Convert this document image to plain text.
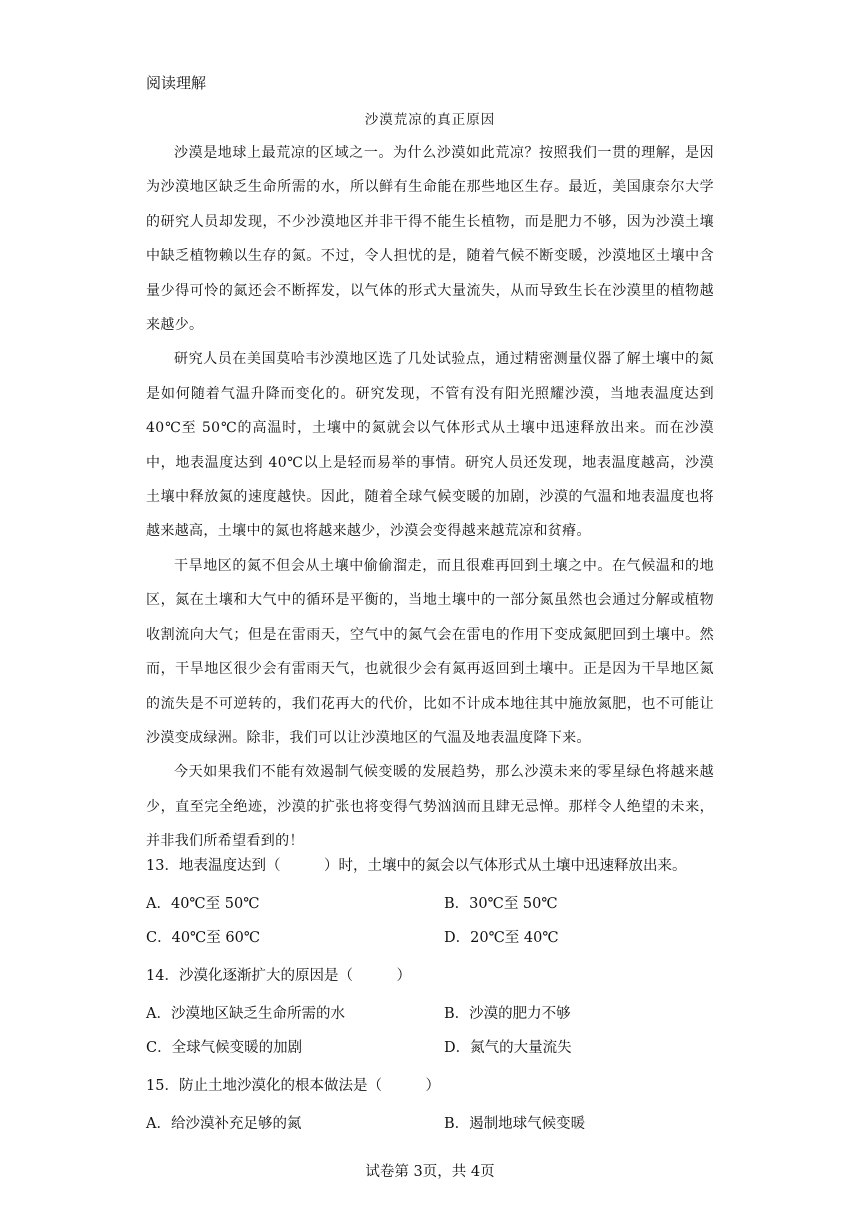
阅读理解
沙漠荒凉的真正原因

沙漠是地球上最荒凉的区域之一。为什么沙漠如此荒凉？按照我们一贯的理解，是因为沙漠地区缺乏生命所需的水，所以鲜有生命能在那些地区生存。最近，美国康奈尔大学的研究人员却发现，不少沙漠地区并非干得不能生长植物，而是肥力不够，因为沙漠土壤中缺乏植物赖以生存的氮。不过，令人担忧的是，随着气候不断变暖，沙漠地区土壤中含量少得可怜的氮还会不断挥发，以气体的形式大量流失，从而导致生长在沙漠里的植物越来越少。

研究人员在美国莫哈韦沙漠地区选了几处试验点，通过精密测量仪器了解土壤中的氮是如何随着气温升降而变化的。研究发现，不管有没有阳光照耀沙漠，当地表温度达到 40℃至 50℃的高温时，土壤中的氮就会以气体形式从土壤中迅速释放出来。而在沙漠中，地表温度达到 40℃以上是轻而易举的事情。研究人员还发现，地表温度越高，沙漠土壤中释放氮的速度越快。因此，随着全球气候变暖的加剧，沙漠的气温和地表温度也将越来越高，土壤中的氮也将越来越少，沙漠会变得越来越荒凉和贫瘠。

干旱地区的氮不但会从土壤中偷偷溜走，而且很难再回到土壤之中。在气候温和的地区，氮在土壤和大气中的循环是平衡的，当地土壤中的一部分氮虽然也会通过分解或植物收割流向大气；但是在雷雨天，空气中的氮气会在雷电的作用下变成氮肥回到土壤中。然而，干旱地区很少会有雷雨天气，也就很少会有氮再返回到土壤中。正是因为干旱地区氮的流失是不可逆转的，我们花再大的代价，比如不计成本地往其中施放氮肥，也不可能让沙漠变成绿洲。除非，我们可以让沙漠地区的气温及地表温度降下来。

今天如果我们不能有效遏制气候变暖的发展趋势，那么沙漠未来的零星绿色将越来越少，直至完全绝迹，沙漠的扩张也将变得气势汹汹而且肆无忌惮。那样令人绝望的未来，并非我们所希望看到的！

13．地表温度达到（　　　）时，土壤中的氮会以气体形式从土壤中迅速释放出来。

A．40℃至 50℃	B．30℃至 50℃
C．40℃至 60℃	D．20℃至 40℃

14．沙漠化逐渐扩大的原因是（　　　）

A．沙漠地区缺乏生命所需的水	B．沙漠的肥力不够
C．全球气候变暖的加剧	D．氮气的大量流失

15．防止土地沙漠化的根本做法是（　　　）

A．给沙漠补充足够的氮	B．遏制地球气候变暖
试卷第 3页，共 4页
